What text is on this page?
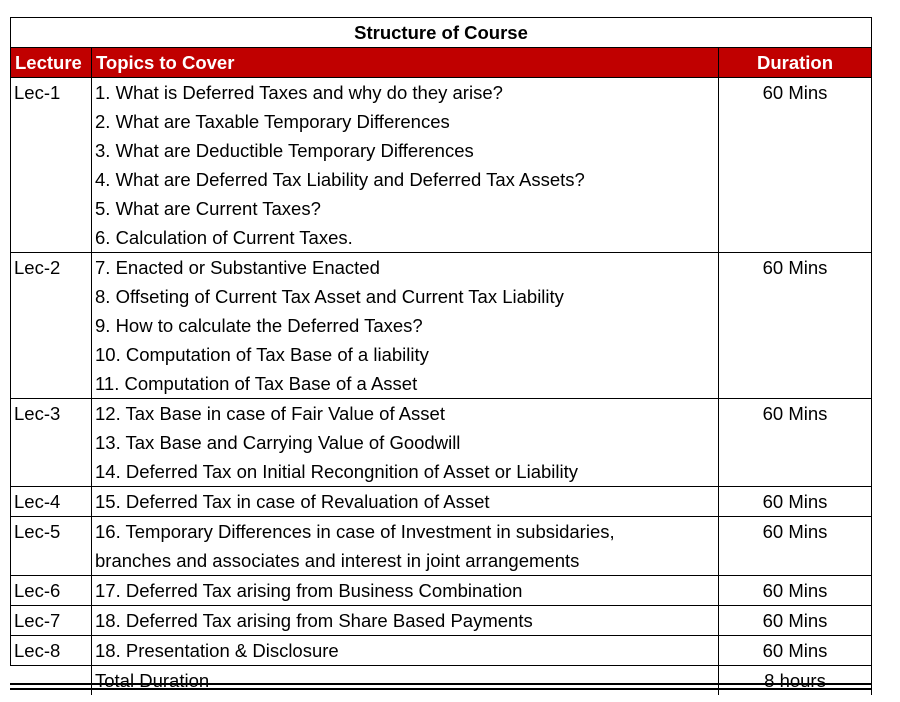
Structure of Course		
Lecture	Topics to Cover	Duration
Lec-1	1. What is Deferred Taxes and why do they arise?	60 Mins
	2. What are Taxable Temporary Differences	
	3. What are Deductible Temporary Differences	
	4. What are Deferred Tax Liability and Deferred Tax Assets?	
	5. What are Current Taxes?	
	6. Calculation of Current Taxes.	
Lec-2	7. Enacted or Substantive Enacted	60 Mins
	8. Offseting of Current Tax Asset and Current Tax Liability	
	9. How to calculate the Deferred Taxes?	
	10. Computation of Tax Base of a liability	
	11. Computation of Tax Base of a Asset	
Lec-3	12. Tax Base in case of Fair Value of Asset	60 Mins
	13. Tax Base and Carrying Value of Goodwill	
	14. Deferred Tax on Initial Recongnition of Asset or Liability	
Lec-4	15. Deferred Tax in case of Revaluation of Asset	60 Mins
Lec-5	16. Temporary Differences in case of Investment in subsidaries,	60 Mins
	branches and associates and interest in joint arrangements	
Lec-6	17. Deferred Tax arising from Business Combination	60 Mins
Lec-7	18. Deferred Tax arising from Share Based Payments	60 Mins
Lec-8	18. Presentation & Disclosure	60 Mins
	Total Duration	8 hours
